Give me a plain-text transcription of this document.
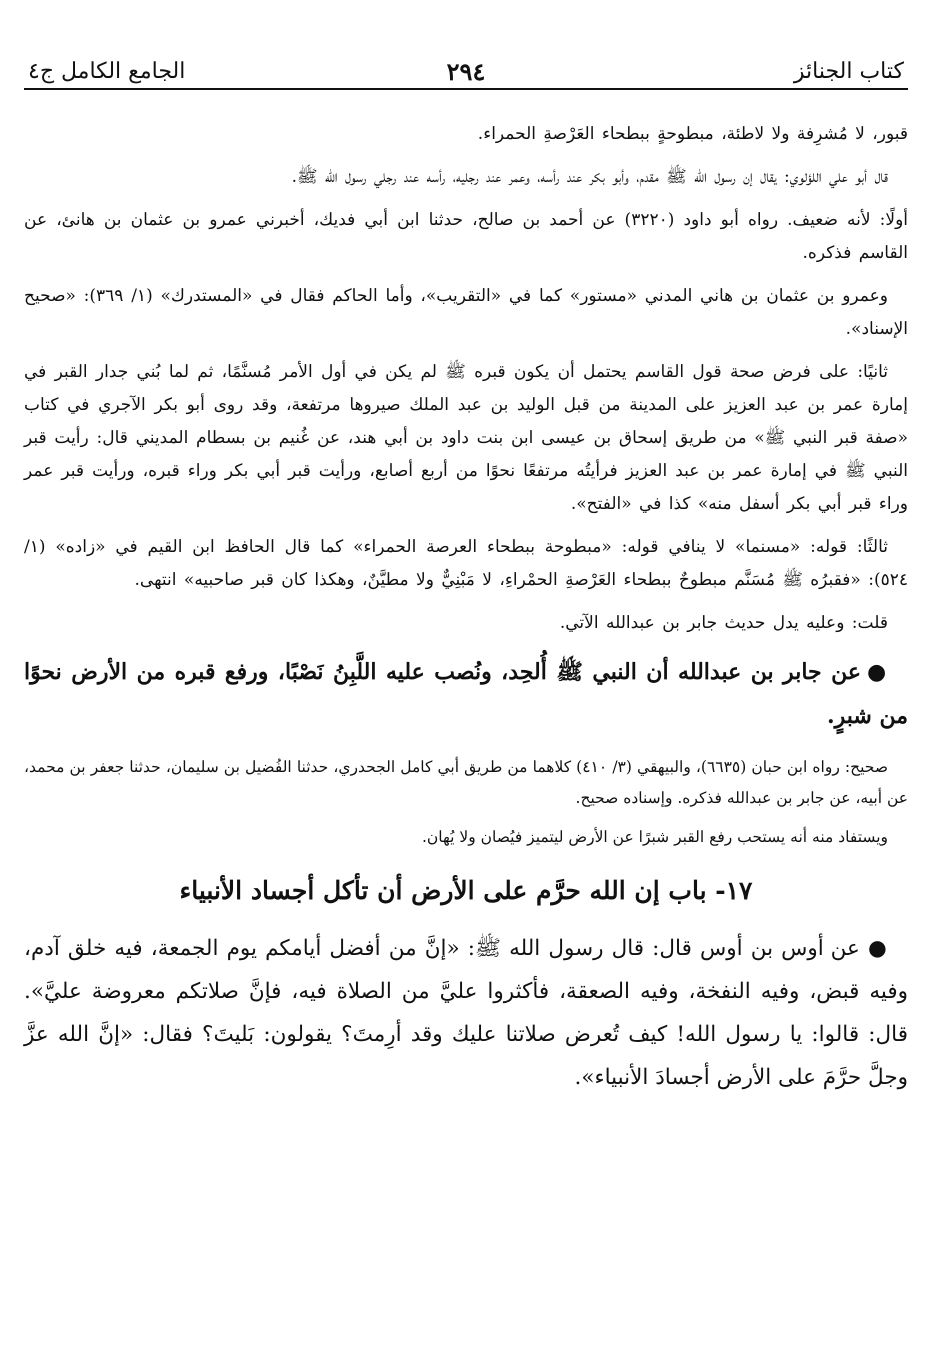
كتاب الجنائز
٢٩٤
الجامع الكامل ج٤

قبور، لا مُشرِفة ولا لاطئة، مبطوحةٍ ببطحاء العَرْصةِ الحمراء.

قال أبو علي اللؤلوي: يقال إن رسول الله ﷺ مقدم، وأبو بكر عند رأسه، وعمر عند رجليه، رأسه عند رجلي رسول الله ﷺ.

أولًا: لأنه ضعيف. رواه أبو داود (٣٢٢٠) عن أحمد بن صالح، حدثنا ابن أبي فديك، أخبرني عمرو بن عثمان بن هانئ، عن القاسم فذكره.

وعمرو بن عثمان بن هاني المدني «مستور» كما في «التقريب»، وأما الحاكم فقال في «المستدرك» (١/ ٣٦٩): «صحيح الإسناد».

ثانيًا: على فرض صحة قول القاسم يحتمل أن يكون قبره ﷺ لم يكن في أول الأمر مُسنَّمًا، ثم لما بُني جدار القبر في إمارة عمر بن عبد العزيز على المدينة من قبل الوليد بن عبد الملك صيروها مرتفعة، وقد روى أبو بكر الآجري في كتاب «صفة قبر النبي ﷺ» من طريق إسحاق بن عيسى ابن بنت داود بن أبي هند، عن غُنيم بن بسطام المديني قال: رأيت قبر النبي ﷺ في إمارة عمر بن عبد العزيز فرأيتُه مرتفعًا نحوًا من أربع أصابع، ورأيت قبر أبي بكر وراء قبره، ورأيت قبر عمر وراء قبر أبي بكر أسفل منه» كذا في «الفتح».

ثالثًا: قوله: «مسنما» لا ينافي قوله: «مبطوحة ببطحاء العرصة الحمراء» كما قال الحافظ ابن القيم في «زاده» (١/ ٥٢٤): «فقبرُه ﷺ مُسَنَّم مبطوحٌ ببطحاء العَرْصةِ الحمْراءِ، لا مَبْنِيٌّ ولا مطيَّنٌ، وهكذا كان قبر صاحبيه» انتهى.

قلت: وعليه يدل حديث جابر بن عبدالله الآتي.

●عن جابر بن عبدالله أن النبي ﷺ أُلحِد، ونُصب عليه اللَّبِنُ نَصْبًا، ورفع قبره من الأرض نحوًا من شبرٍ.

صحيح: رواه ابن حبان (٦٦٣٥)، والبيهقي (٣/ ٤١٠) كلاهما من طريق أبي كامل الجحدري، حدثنا الفُضيل بن سليمان، حدثنا جعفر بن محمد، عن أبيه، عن جابر بن عبدالله فذكره. وإسناده صحيح.

ويستفاد منه أنه يستحب رفع القبر شبرًا عن الأرض ليتميز فيُصان ولا يُهان.

١٧- باب إن الله حرَّم على الأرض أن تأكل أجساد الأنبياء

● عن أوس بن أوس قال: قال رسول الله ﷺ: «إنَّ من أفضل أيامكم يوم الجمعة، فيه خلق آدم، وفيه قبض، وفيه النفخة، وفيه الصعقة، فأكثروا عليَّ من الصلاة فيه، فإنَّ صلاتكم معروضة عليَّ». قال: قالوا: يا رسول الله! كيف تُعرض صلاتنا عليك وقد أرِمتَ؟ يقولون: بَليتَ؟ فقال: «إنَّ الله عزَّ وجلَّ حرَّمَ على الأرض أجسادَ الأنبياء».
